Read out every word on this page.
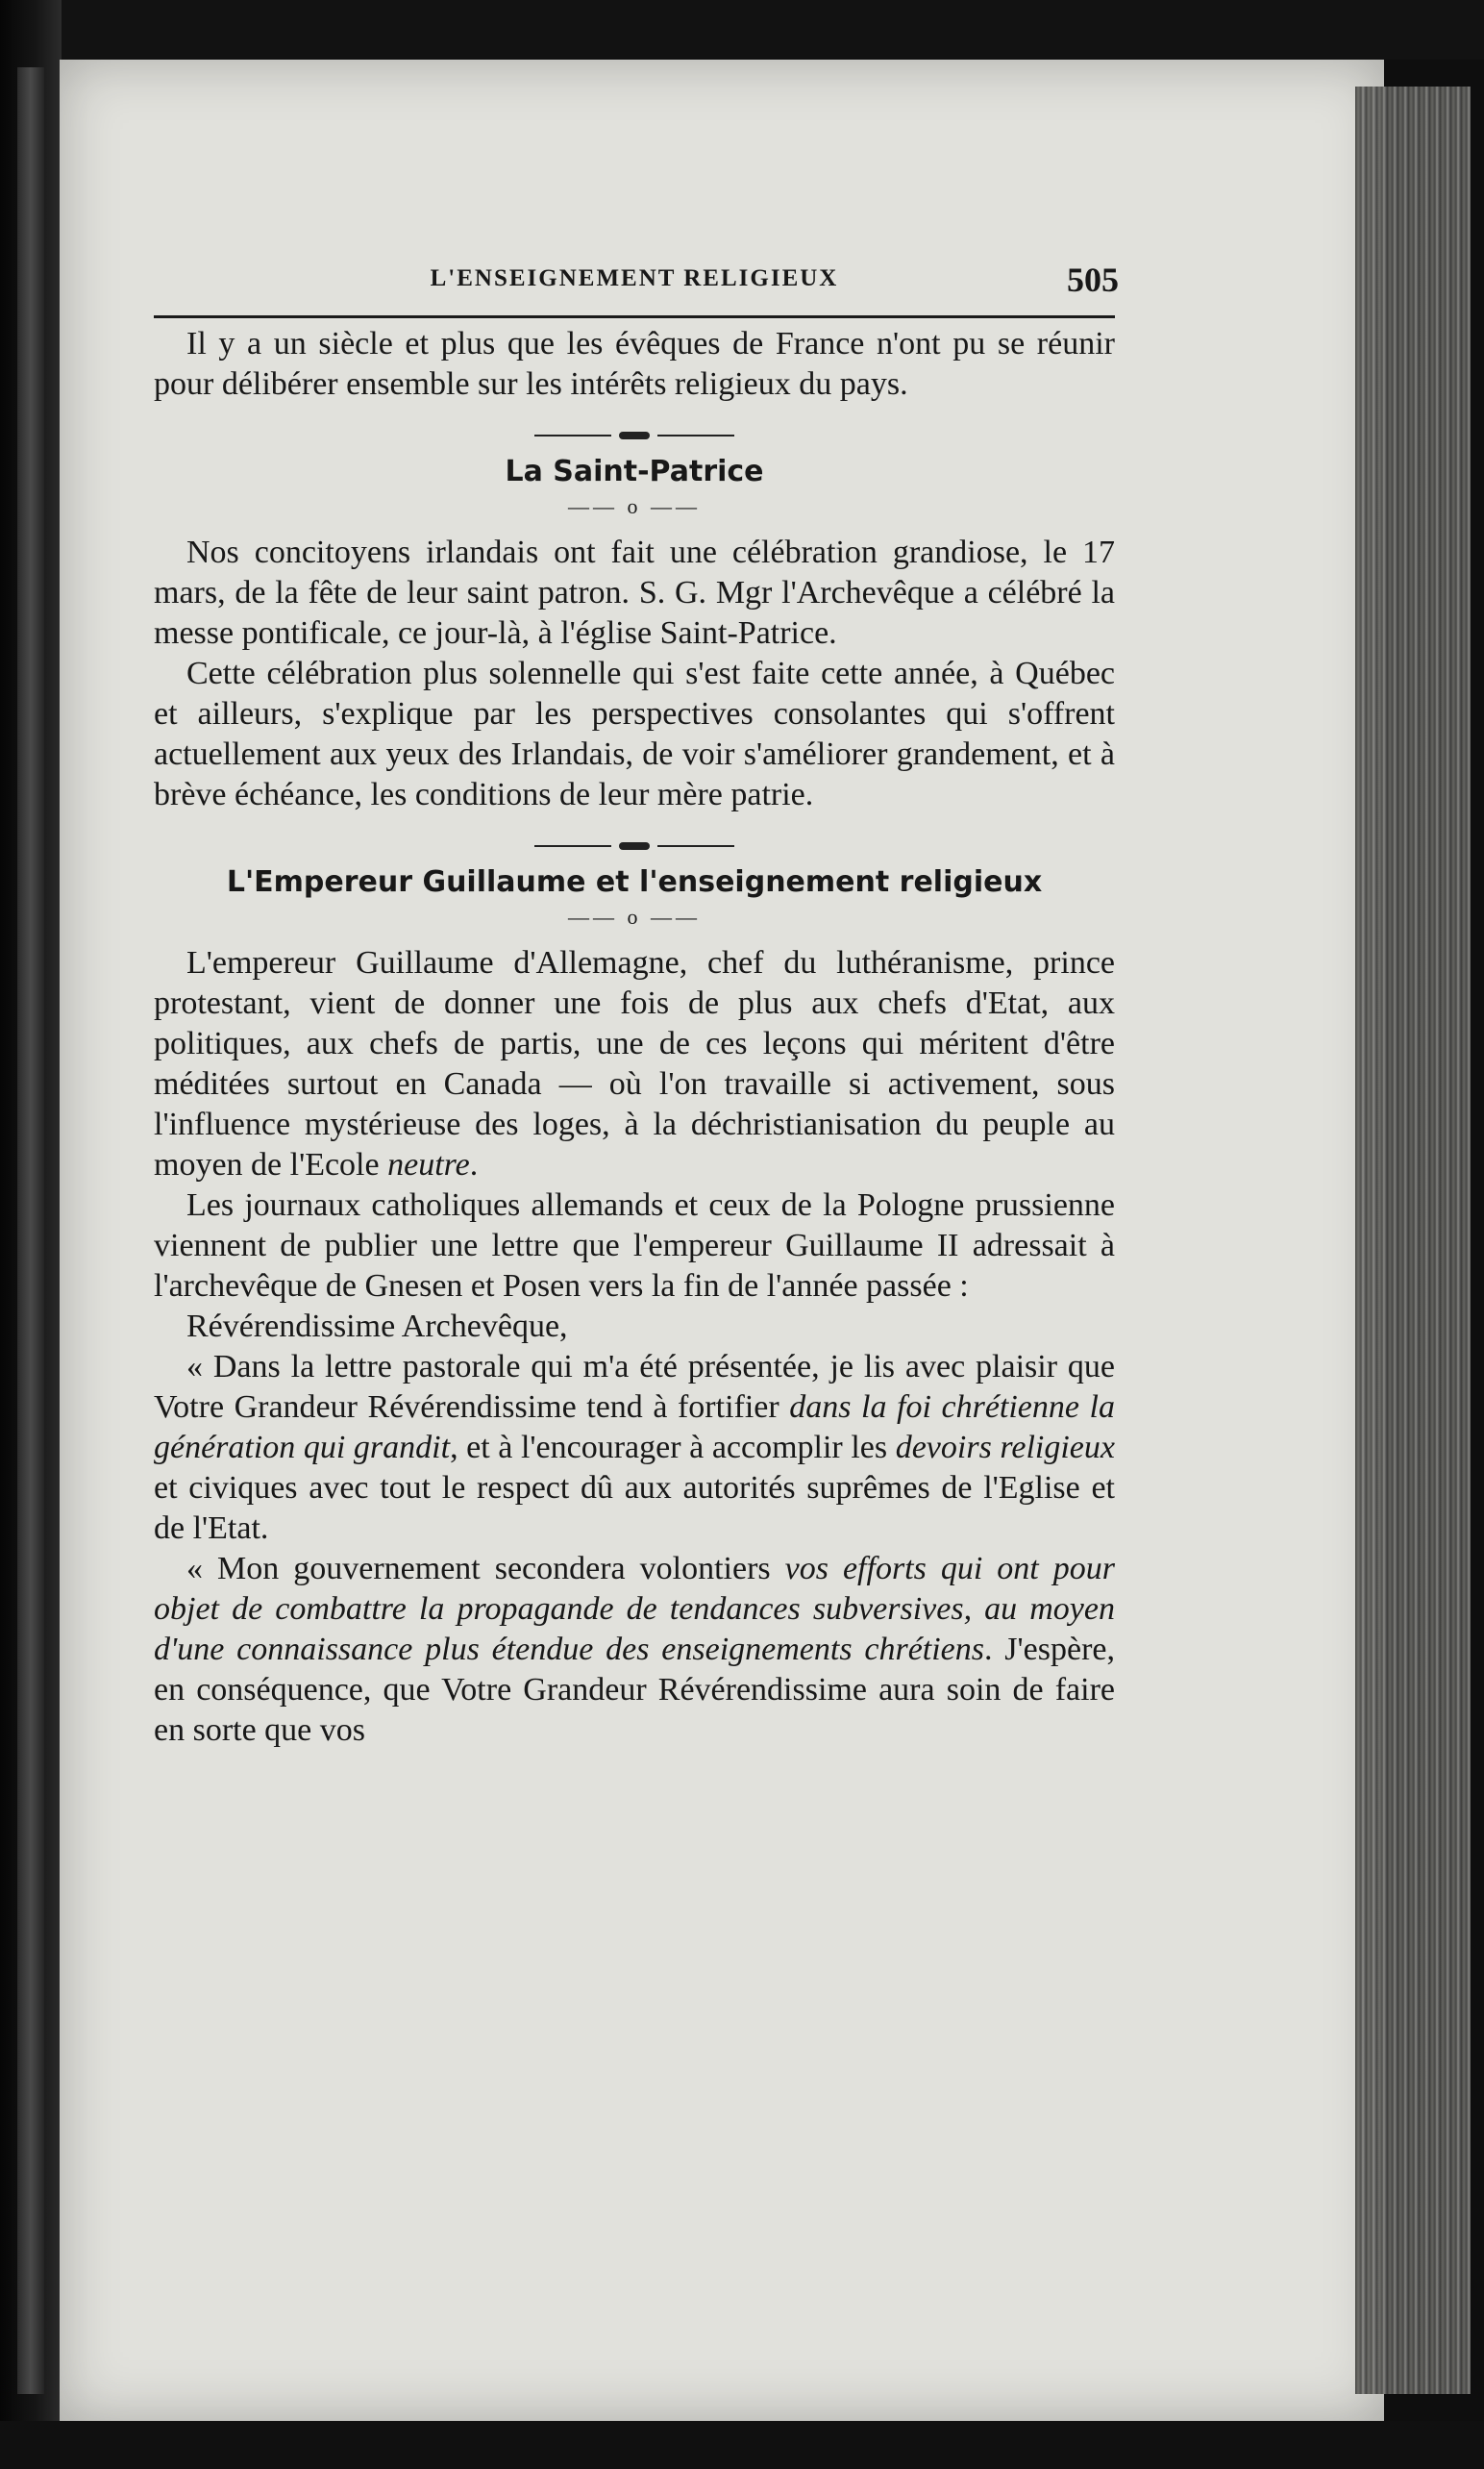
L'ENSEIGNEMENT RELIGIEUX	505

Il y a un siècle et plus que les évêques de France n'ont pu se réunir pour délibérer ensemble sur les intérêts religieux du pays.

La Saint-Patrice
—— o ——

Nos concitoyens irlandais ont fait une célébration grandiose, le 17 mars, de la fête de leur saint patron. S. G. Mgr l'Archevêque a célébré la messe pontificale, ce jour-là, à l'église Saint-Patrice.

Cette célébration plus solennelle qui s'est faite cette année, à Québec et ailleurs, s'explique par les perspectives consolantes qui s'offrent actuellement aux yeux des Irlandais, de voir s'améliorer grandement, et à brève échéance, les conditions de leur mère patrie.

L'Empereur Guillaume et l'enseignement religieux
—— o ——

L'empereur Guillaume d'Allemagne, chef du luthéranisme, prince protestant, vient de donner une fois de plus aux chefs d'Etat, aux politiques, aux chefs de partis, une de ces leçons qui méritent d'être méditées surtout en Canada — où l'on travaille si activement, sous l'influence mystérieuse des loges, à la déchristianisation du peuple au moyen de l'Ecole neutre.

Les journaux catholiques allemands et ceux de la Pologne prussienne viennent de publier une lettre que l'empereur Guillaume II adressait à l'archevêque de Gnesen et Posen vers la fin de l'année passée :

Révérendissime Archevêque,

« Dans la lettre pastorale qui m'a été présentée, je lis avec plaisir que Votre Grandeur Révérendissime tend à fortifier dans la foi chrétienne la génération qui grandit, et à l'encourager à accomplir les devoirs religieux et civiques avec tout le respect dû aux autorités suprêmes de l'Eglise et de l'Etat.

« Mon gouvernement secondera volontiers vos efforts qui ont pour objet de combattre la propagande de tendances subversives, au moyen d'une connaissance plus étendue des enseignements chrétiens. J'espère, en conséquence, que Votre Grandeur Révérendissime aura soin de faire en sorte que vos
